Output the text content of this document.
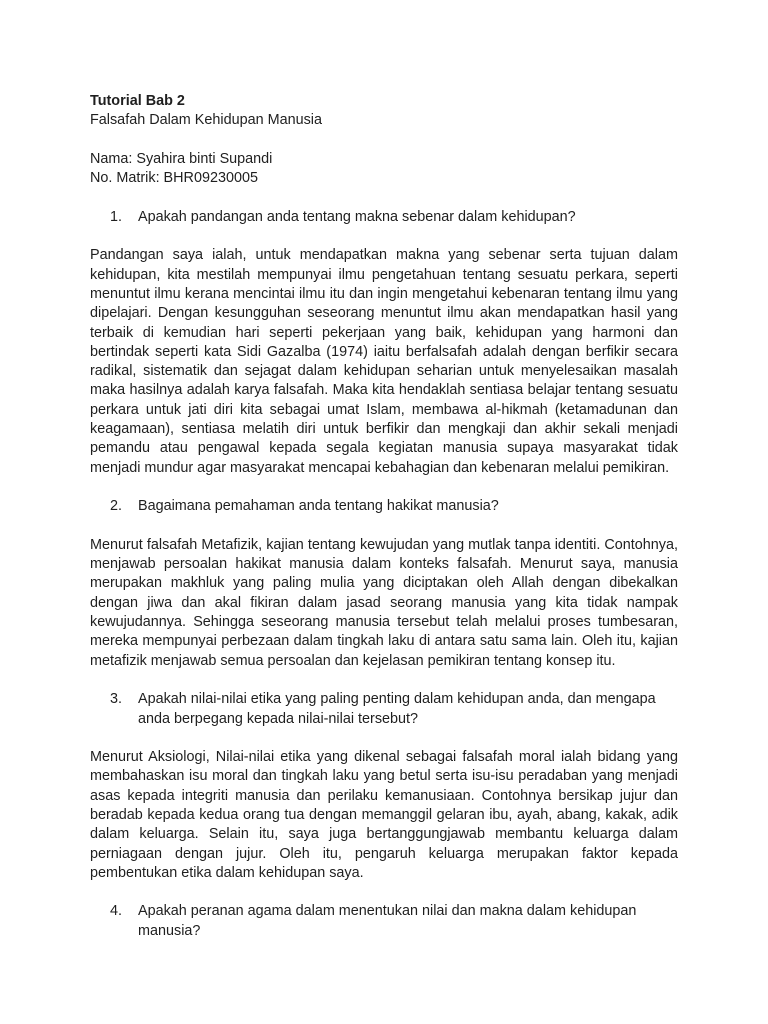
Tutorial Bab 2

Falsafah Dalam Kehidupan Manusia

Nama: Syahira binti Supandi

No. Matrik: BHR09230005

1.	Apakah pandangan anda tentang makna sebenar dalam kehidupan?

Pandangan saya ialah, untuk mendapatkan makna yang sebenar serta tujuan dalam kehidupan, kita mestilah mempunyai ilmu pengetahuan tentang sesuatu perkara, seperti menuntut ilmu kerana mencintai ilmu itu dan ingin mengetahui kebenaran tentang ilmu yang dipelajari. Dengan kesungguhan seseorang menuntut ilmu akan mendapatkan hasil yang terbaik di kemudian hari seperti pekerjaan yang baik, kehidupan yang harmoni dan bertindak seperti kata Sidi Gazalba (1974) iaitu berfalsafah adalah dengan berfikir secara radikal, sistematik dan sejagat dalam kehidupan seharian untuk menyelesaikan masalah maka hasilnya adalah karya falsafah. Maka kita hendaklah sentiasa belajar tentang sesuatu perkara untuk jati diri kita sebagai umat Islam, membawa al-hikmah (ketamadunan dan keagamaan), sentiasa melatih diri untuk berfikir dan mengkaji dan akhir sekali menjadi pemandu atau pengawal kepada segala kegiatan manusia supaya masyarakat tidak menjadi mundur agar masyarakat mencapai kebahagian dan kebenaran melalui pemikiran.

2.	Bagaimana pemahaman anda tentang hakikat manusia?

Menurut falsafah Metafizik, kajian tentang kewujudan yang mutlak tanpa identiti. Contohnya, menjawab persoalan hakikat manusia dalam konteks falsafah. Menurut saya, manusia merupakan makhluk yang paling mulia yang diciptakan oleh Allah dengan dibekalkan dengan jiwa dan akal fikiran dalam jasad seorang manusia yang kita tidak nampak kewujudannya. Sehingga seseorang manusia tersebut telah melalui proses tumbesaran, mereka mempunyai perbezaan dalam tingkah laku di antara satu sama lain. Oleh itu, kajian metafizik menjawab semua persoalan dan kejelasan pemikiran tentang konsep itu.

3.	Apakah nilai-nilai etika yang paling penting dalam kehidupan anda, dan mengapa anda berpegang kepada nilai-nilai tersebut?

Menurut Aksiologi, Nilai-nilai etika yang dikenal sebagai falsafah moral ialah bidang yang membahaskan isu moral dan tingkah laku yang betul serta isu-isu peradaban yang menjadi asas kepada integriti manusia dan perilaku kemanusiaan. Contohnya bersikap jujur dan beradab kepada kedua orang tua dengan memanggil gelaran ibu, ayah, abang, kakak, adik dalam keluarga. Selain itu, saya juga bertanggungjawab membantu keluarga dalam perniagaan dengan jujur. Oleh itu, pengaruh keluarga merupakan faktor kepada pembentukan etika dalam kehidupan saya.

4.	Apakah peranan agama dalam menentukan nilai dan makna dalam kehidupan manusia?
